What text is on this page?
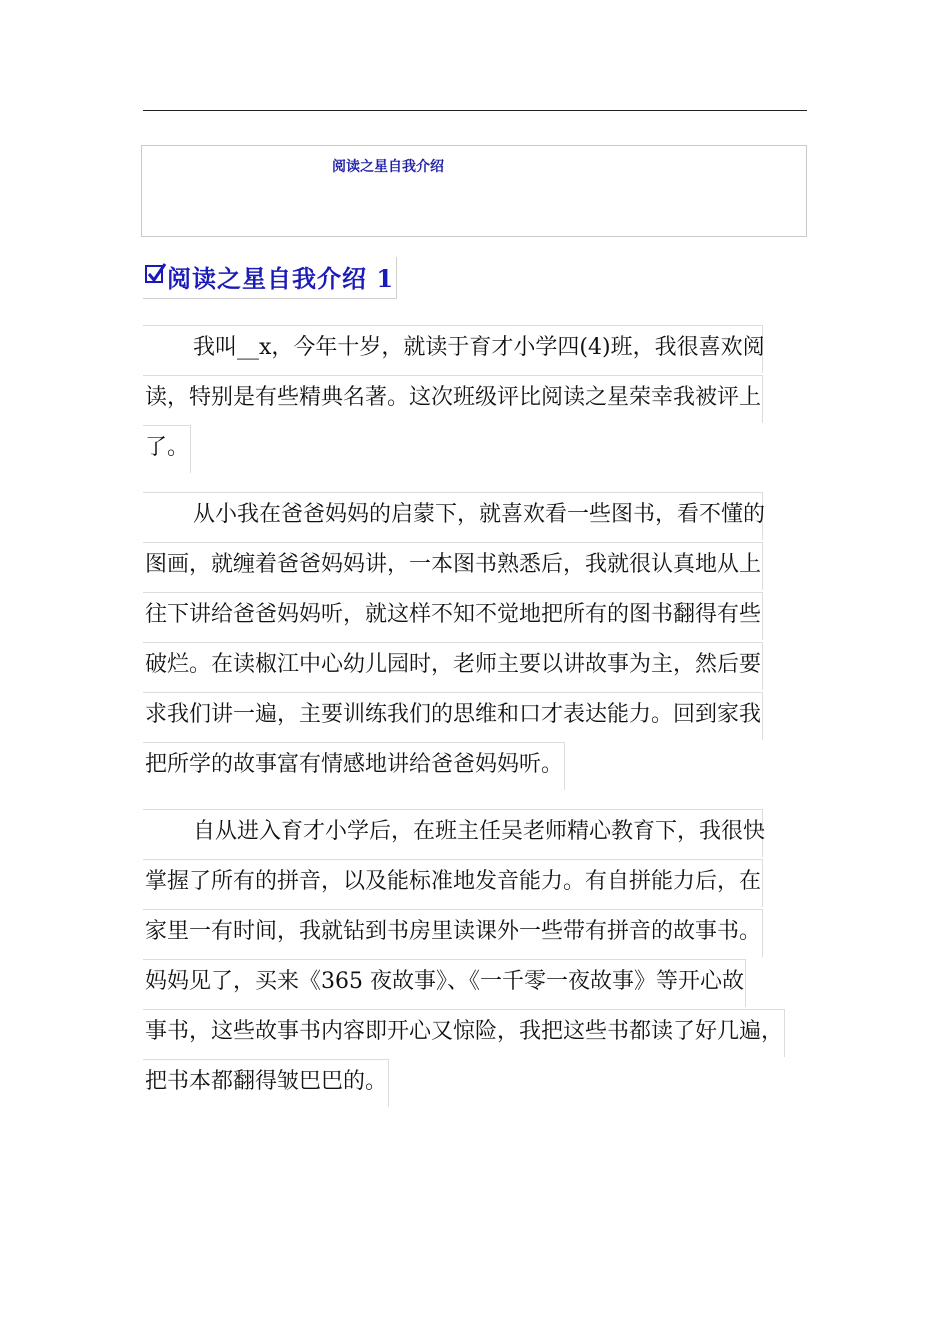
阅读之星自我介绍
阅读之星自我介绍 1
我叫__x，今年十岁，就读于育才小学四(4)班，我很喜欢阅
读，特别是有些精典名著。这次班级评比阅读之星荣幸我被评上
了。
从小我在爸爸妈妈的启蒙下，就喜欢看一些图书，看不懂的
图画，就缠着爸爸妈妈讲，一本图书熟悉后，我就很认真地从上
往下讲给爸爸妈妈听，就这样不知不觉地把所有的图书翻得有些
破烂。在读椒江中心幼儿园时，老师主要以讲故事为主，然后要
求我们讲一遍，主要训练我们的思维和口才表达能力。回到家我
把所学的故事富有情感地讲给爸爸妈妈听。
自从进入育才小学后，在班主任吴老师精心教育下，我很快
掌握了所有的拼音，以及能标准地发音能力。有自拼能力后，在
家里一有时间，我就钻到书房里读课外一些带有拼音的故事书。
妈妈见了，买来《365 夜故事》、《一千零一夜故事》等开心故
事书，这些故事书内容即开心又惊险，我把这些书都读了好几遍，
把书本都翻得皱巴巴的。
